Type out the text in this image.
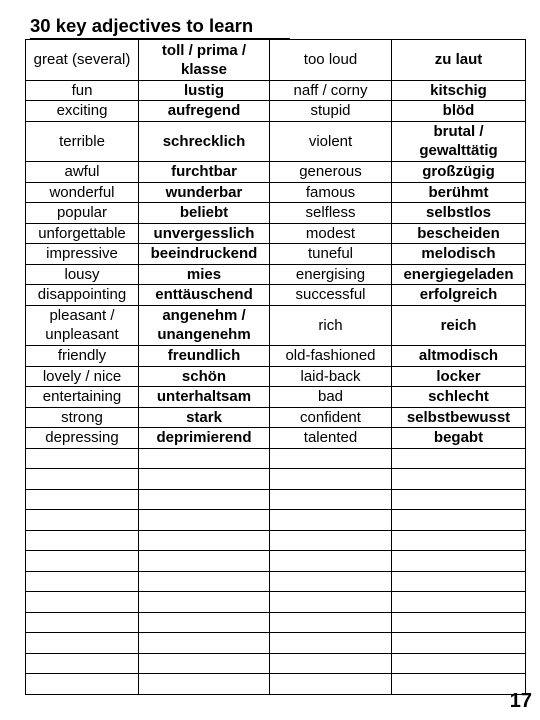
30 key adjectives to learn
great (several)	toll / prima / klasse	too loud	zu laut
fun	lustig	naff / corny	kitschig
exciting	aufregend	stupid	blöd
terrible	schrecklich	violent	brutal / gewalttätig
awful	furchtbar	generous	großzügig
wonderful	wunderbar	famous	berühmt
popular	beliebt	selfless	selbstlos
unforgettable	unvergesslich	modest	bescheiden
impressive	beeindruckend	tuneful	melodisch
lousy	mies	energising	energiegeladen
disappointing	enttäuschend	successful	erfolgreich
pleasant / unpleasant	angenehm / unangenehm	rich	reich
friendly	freundlich	old-fashioned	altmodisch
lovely / nice	schön	laid-back	locker
entertaining	unterhaltsam	bad	schlecht
strong	stark	confident	selbstbewusst
depressing	deprimierend	talented	begabt

17
